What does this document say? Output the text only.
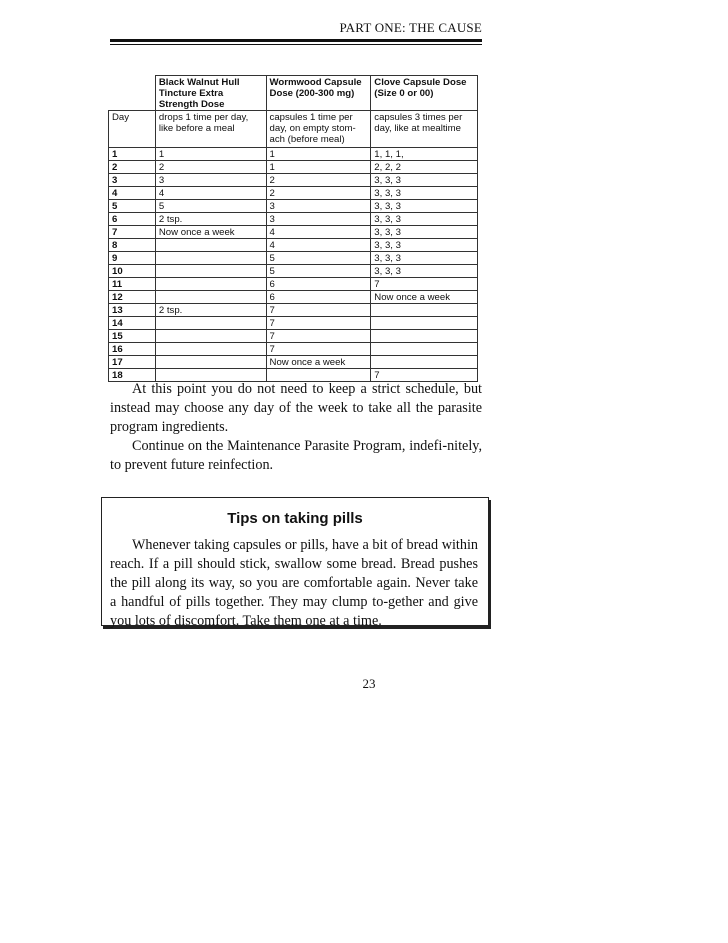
PART ONE: THE CAUSE
	Black Walnut Hull Tincture Extra Strength Dose	Wormwood Capsule Dose (200-300 mg)	Clove Capsule Dose (Size 0 or 00)
Day	drops 1 time per day, like before a meal	capsules 1 time per day, on empty stom-ach (before meal)	capsules 3 times per day, like at mealtime
1	1	1	1, 1, 1,
2	2	1	2, 2, 2
3	3	2	3, 3, 3
4	4	2	3, 3, 3
5	5	3	3, 3, 3
6	2 tsp.	3	3, 3, 3
7	Now once a week	4	3, 3, 3
8		4	3, 3, 3
9		5	3, 3, 3
10		5	3, 3, 3
11		6	7
12		6	Now once a week
13	2 tsp.	7	
14		7	
15		7	
16		7	
17		Now once a week	
18			7

At this point you do not need to keep a strict schedule, but instead may choose any day of the week to take all the parasite program ingredients.

Continue on the Maintenance Parasite Program, indefi-nitely, to prevent future reinfection.

Tips on taking pills

Whenever taking capsules or pills, have a bit of bread within reach. If a pill should stick, swallow some bread. Bread pushes the pill along its way, so you are comfortable again. Never take a handful of pills together. They may clump to-gether and give you lots of discomfort. Take them one at a time.

23
